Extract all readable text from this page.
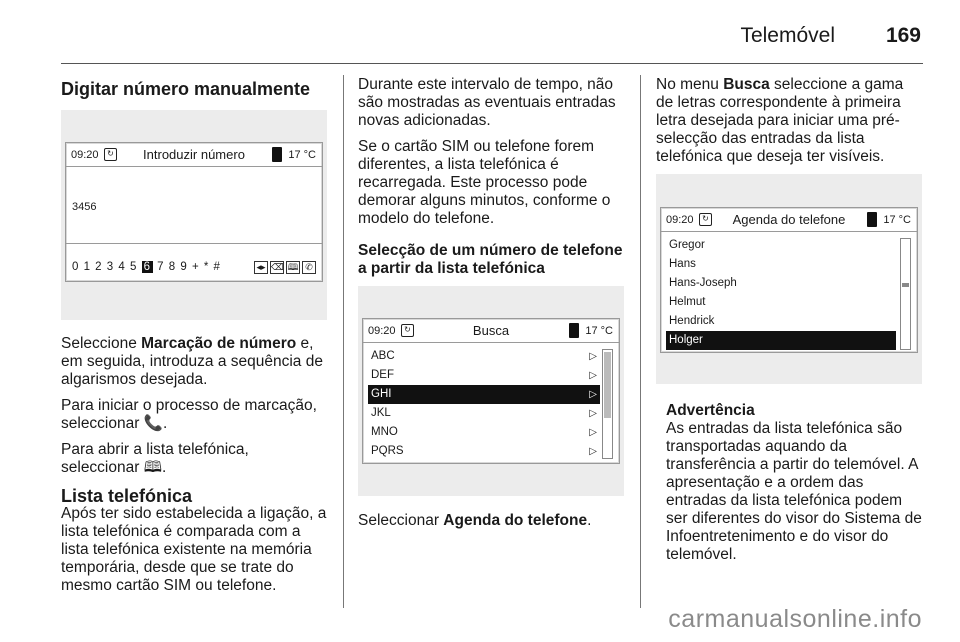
Telemóvel 169
Digitar número manualmente
09:20	↻	Introduzir número	17 °C
3456
0 1 2 3 4 5 6 7 8 9 + * #	◂▸ ⌫ 🕮 ✆

Seleccione Marcação de número e, em seguida, introduza a sequência de algarismos desejada.

Para iniciar o processo de marcação, seleccionar 📞.

Para abrir a lista telefónica, seleccionar 🕮.

Lista telefónica

Após ter sido estabelecida a ligação, a lista telefónica é comparada com a lista telefónica existente na memória temporária, desde que se trate do mesmo cartão SIM ou telefone.

Durante este intervalo de tempo, não são mostradas as eventuais entradas novas adicionadas.

Se o cartão SIM ou telefone forem diferentes, a lista telefónica é recarregada. Este processo pode demorar alguns minutos, conforme o modelo do telefone.

Selecção de um número de telefone a partir da lista telefónica
09:20	↻	Busca	17 °C
ABC	▷
DEF	▷
GHI	▷
JKL	▷
MNO	▷
PQRS	▷

Seleccionar Agenda do telefone.

No menu Busca seleccione a gama de letras correspondente à primeira letra desejada para iniciar uma pré-selecção das entradas da lista telefónica que deseja ter visíveis.

09:20	↻ Agenda do telefone	17 °C
Gregor
Hans
Hans-Joseph
Helmut
Hendrick
Holger
Advertência
As entradas da lista telefónica são transportadas aquando da transferência a partir do telemóvel. A apresentação e a ordem das entradas da lista telefónica podem ser diferentes do visor do Sistema de Infoentretenimento e do visor do telemóvel.
carmanualsonline.info
